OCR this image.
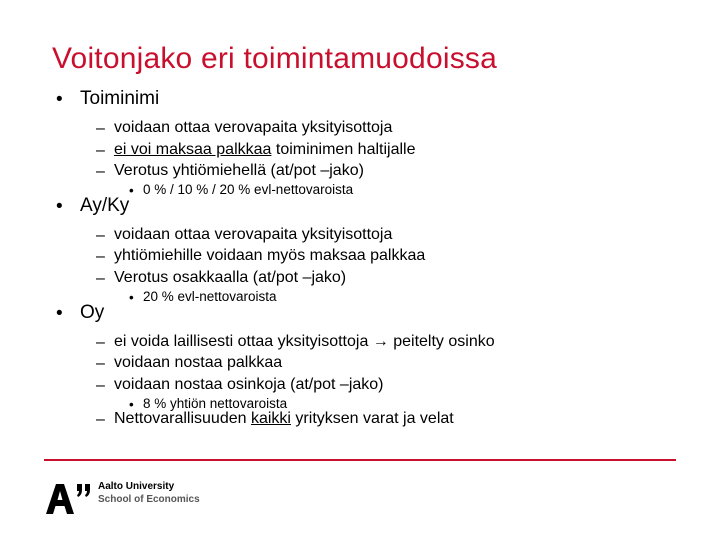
Voitonjako eri toimintamuodoissa
• Toiminimi
– voidaan ottaa verovapaita yksityisottoja
– ei voi maksaa palkkaa toiminimen haltijalle
– Verotus yhtiömiehellä (at/pot –jako)
• 0 % / 10 % / 20 % evl-nettovaroista
• Ay/Ky
– voidaan ottaa verovapaita yksityisottoja
– yhtiömiehille voidaan myös maksaa palkkaa
– Verotus osakkaalla (at/pot –jako)
• 20 % evl-nettovaroista
• Oy
– ei voida laillisesti ottaa yksityisottoja → peitelty osinko
– voidaan nostaa palkkaa
– voidaan nostaa osinkoja (at/pot –jako)
• 8 % yhtiön nettovaroista
– Nettovarallisuuden kaikki yrityksen varat ja velat
Aalto University
School of Economics
